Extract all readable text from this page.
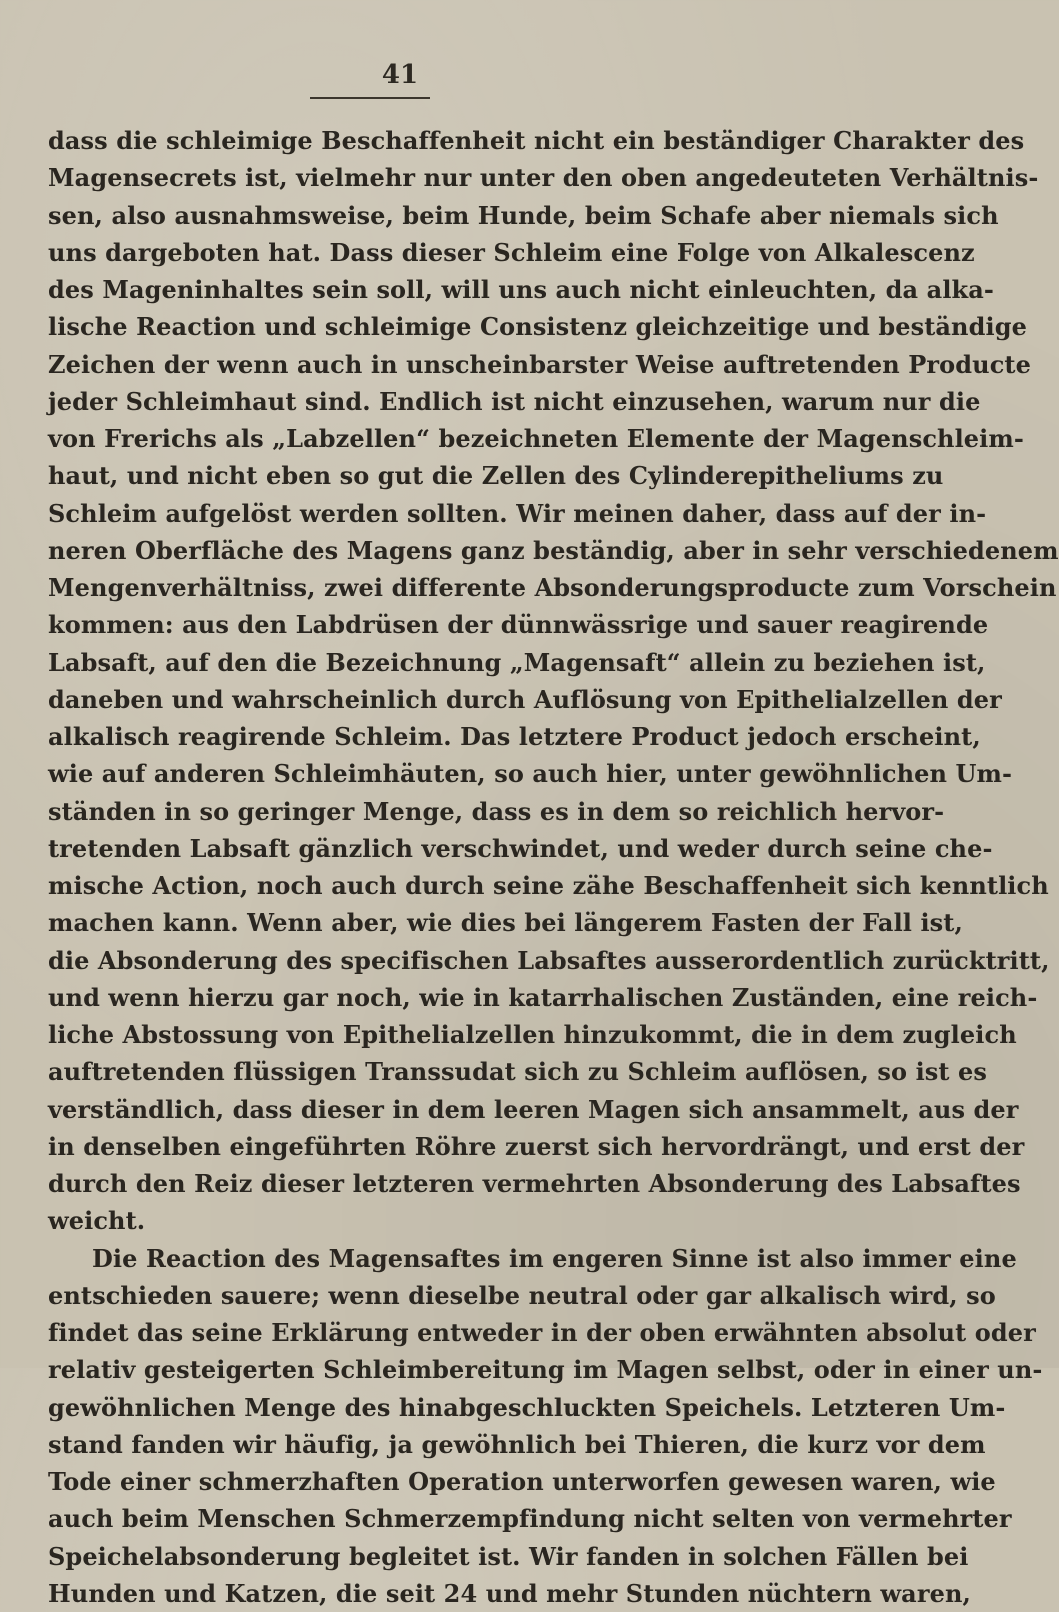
41
dass die schleimige Beschaffenheit nicht ein beständiger Charakter des
Magensecrets ist, vielmehr nur unter den oben angedeuteten Verhältnis-
sen, also ausnahmsweise, beim Hunde, beim Schafe aber niemals sich
uns dargeboten hat. Dass dieser Schleim eine Folge von Alkalescenz
des Mageninhaltes sein soll, will uns auch nicht einleuchten, da alka-
lische Reaction und schleimige Consistenz gleichzeitige und beständige
Zeichen der wenn auch in unscheinbarster Weise auftretenden Producte
jeder Schleimhaut sind. Endlich ist nicht einzusehen, warum nur die
von Frerichs als „Labzellen“ bezeichneten Elemente der Magenschleim-
haut, und nicht eben so gut die Zellen des Cylinderepitheliums zu
Schleim aufgelöst werden sollten. Wir meinen daher, dass auf der in-
neren Oberfläche des Magens ganz beständig, aber in sehr verschiedenem
Mengenverhältniss, zwei differente Absonderungsproducte zum Vorschein
kommen: aus den Labdrüsen der dünnwässrige und sauer reagirende
Labsaft, auf den die Bezeichnung „Magensaft“ allein zu beziehen ist,
daneben und wahrscheinlich durch Auflösung von Epithelialzellen der
alkalisch reagirende Schleim. Das letztere Product jedoch erscheint,
wie auf anderen Schleimhäuten, so auch hier, unter gewöhnlichen Um-
ständen in so geringer Menge, dass es in dem so reichlich hervor-
tretenden Labsaft gänzlich verschwindet, und weder durch seine che-
mische Action, noch auch durch seine zähe Beschaffenheit sich kenntlich
machen kann. Wenn aber, wie dies bei längerem Fasten der Fall ist,
die Absonderung des specifischen Labsaftes ausserordentlich zurücktritt,
und wenn hierzu gar noch, wie in katarrhalischen Zuständen, eine reich-
liche Abstossung von Epithelialzellen hinzukommt, die in dem zugleich
auftretenden flüssigen Transsudat sich zu Schleim auflösen, so ist es
verständlich, dass dieser in dem leeren Magen sich ansammelt, aus der
in denselben eingeführten Röhre zuerst sich hervordrängt, und erst der
durch den Reiz dieser letzteren vermehrten Absonderung des Labsaftes
weicht.
Die Reaction des Magensaftes im engeren Sinne ist also immer eine
entschieden sauere; wenn dieselbe neutral oder gar alkalisch wird, so
findet das seine Erklärung entweder in der oben erwähnten absolut oder
relativ gesteigerten Schleimbereitung im Magen selbst, oder in einer un-
gewöhnlichen Menge des hinabgeschluckten Speichels. Letzteren Um-
stand fanden wir häufig, ja gewöhnlich bei Thieren, die kurz vor dem
Tode einer schmerzhaften Operation unterworfen gewesen waren, wie
auch beim Menschen Schmerzempfindung nicht selten von vermehrter
Speichelabsonderung begleitet ist. Wir fanden in solchen Fällen bei
Hunden und Katzen, die seit 24 und mehr Stunden nüchtern waren,
